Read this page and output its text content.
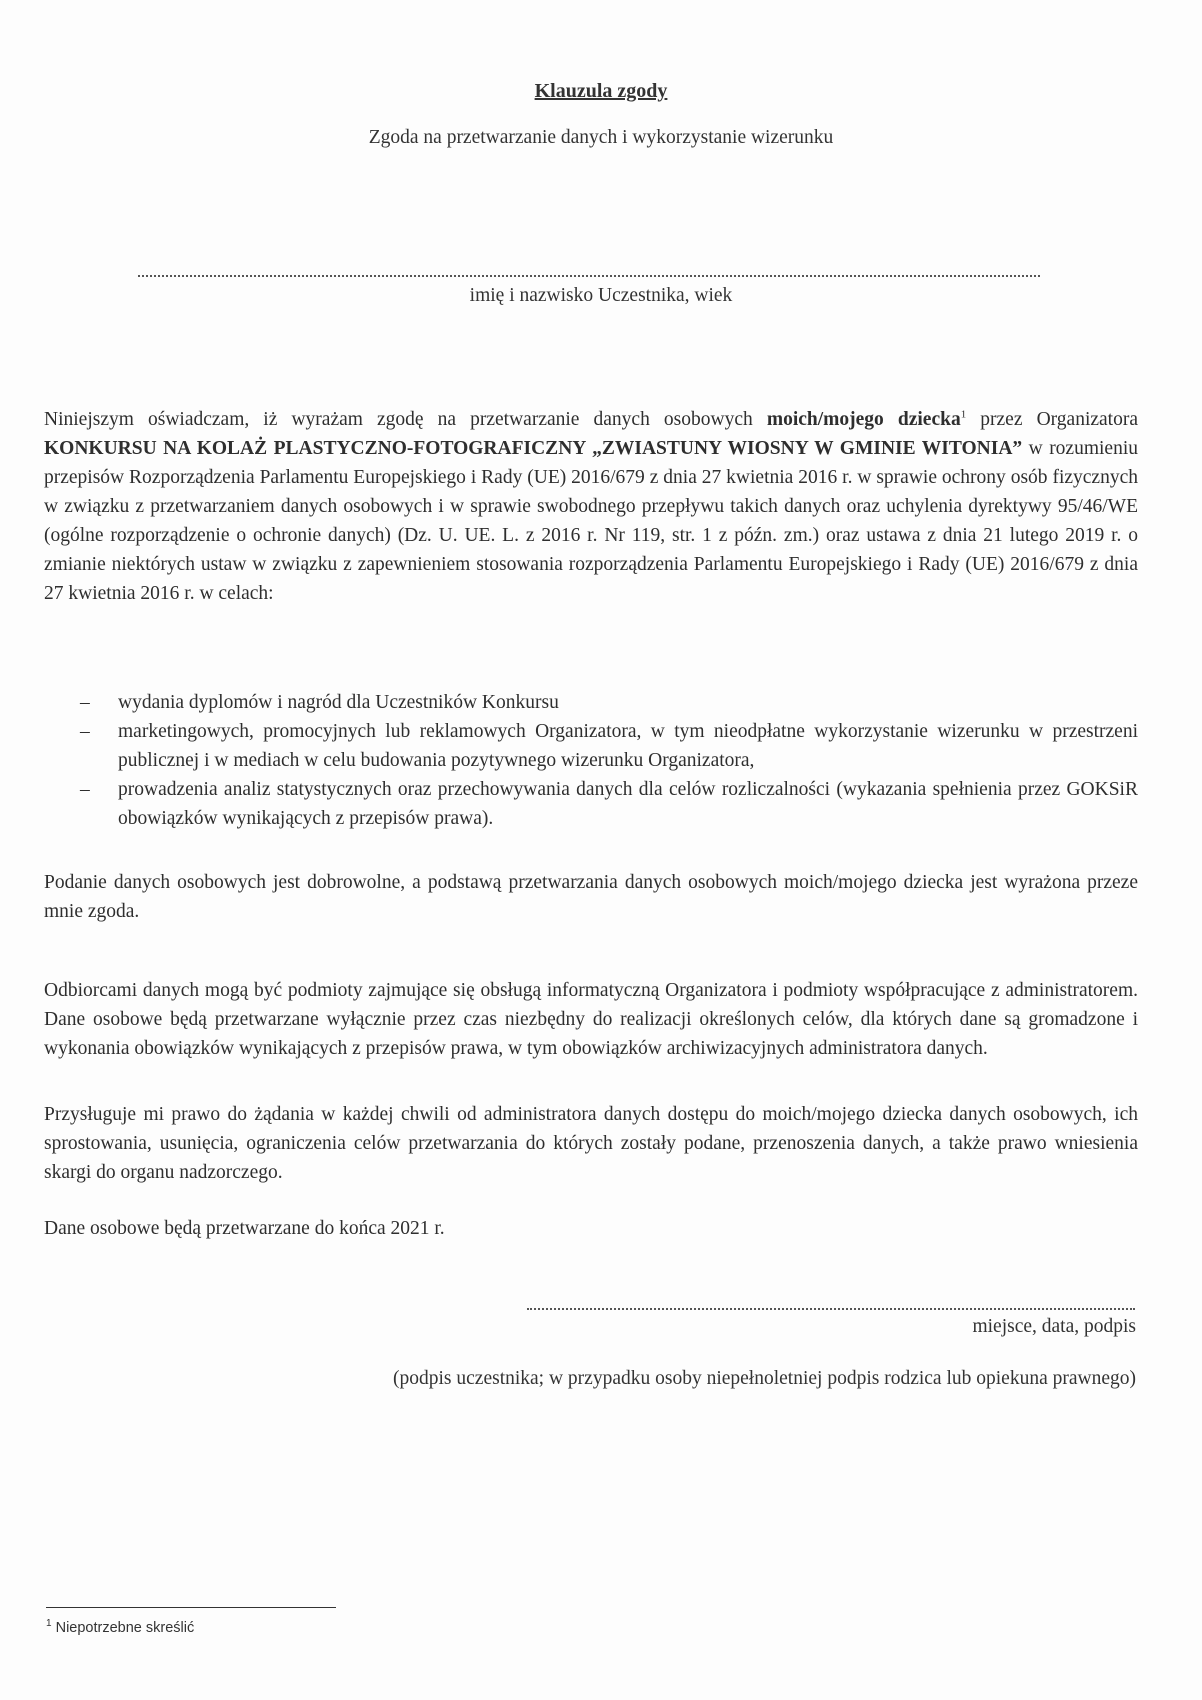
Klauzula zgody
Zgoda na przetwarzanie danych i wykorzystanie wizerunku
imię i nazwisko Uczestnika, wiek
Niniejszym oświadczam, iż wyrażam zgodę na przetwarzanie danych osobowych moich/mojego dziecka$^1$ przez Organizatora KONKURSU NA KOLAŻ PLASTYCZNO-FOTOGRAFICZNY „ZWIASTUNY WIOSNY W GMINIE WITONIA” w rozumieniu przepisów Rozporządzenia Parlamentu Europejskiego i Rady (UE) 2016/679 z dnia 27 kwietnia 2016 r. w sprawie ochrony osób fizycznych w związku z przetwarzaniem danych osobowych i w sprawie swobodnego przepływu takich danych oraz uchylenia dyrektywy 95/46/WE (ogólne rozporządzenie o ochronie danych) (Dz. U. UE. L. z 2016 r. Nr 119, str. 1 z późn. zm.) oraz ustawa z dnia 21 lutego 2019 r. o zmianie niektórych ustaw w związku z zapewnieniem stosowania rozporządzenia Parlamentu Europejskiego i Rady (UE) 2016/679 z dnia 27 kwietnia 2016 r. w celach:
– wydania dyplomów i nagród dla Uczestników Konkursu
– marketingowych, promocyjnych lub reklamowych Organizatora, w tym nieodpłatne wykorzystanie wizerunku w przestrzeni publicznej i w mediach w celu budowania pozytywnego wizerunku Organizatora,
– prowadzenia analiz statystycznych oraz przechowywania danych dla celów rozliczalności (wykazania spełnienia przez GOKSiR obowiązków wynikających z przepisów prawa).
Podanie danych osobowych jest dobrowolne, a podstawą przetwarzania danych osobowych moich/mojego dziecka jest wyrażona przeze mnie zgoda.
Odbiorcami danych mogą być podmioty zajmujące się obsługą informatyczną Organizatora i podmioty współpracujące z administratorem. Dane osobowe będą przetwarzane wyłącznie przez czas niezbędny do realizacji określonych celów, dla których dane są gromadzone i wykonania obowiązków wynikających z przepisów prawa, w tym obowiązków archiwizacyjnych administratora danych.
Przysługuje mi prawo do żądania w każdej chwili od administratora danych dostępu do moich/mojego dziecka danych osobowych, ich sprostowania, usunięcia, ograniczenia celów przetwarzania do których zostały podane, przenoszenia danych, a także prawo wniesienia skargi do organu nadzorczego.
Dane osobowe będą przetwarzane do końca 2021 r.
miejsce, data, podpis
(podpis uczestnika; w przypadku osoby niepełnoletniej podpis rodzica lub opiekuna prawnego)
$^1$ Niepotrzebne skreślić
